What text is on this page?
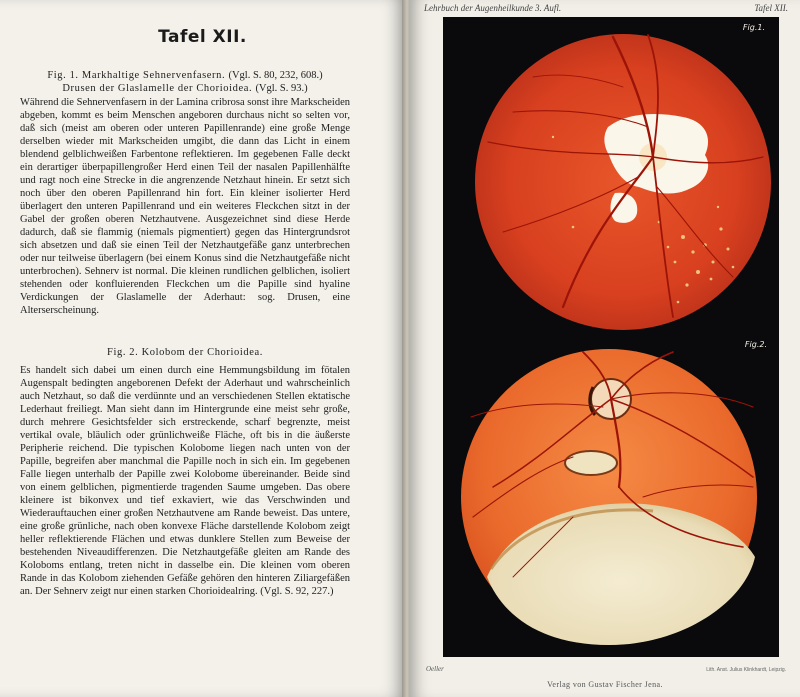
Tafel XII.
Fig. 1. Markhaltige Sehnervenfasern. (Vgl. S. 80, 232, 608.)
Drusen der Glaslamelle der Chorioidea. (Vgl. S. 93.)

Während die Sehnervenfasern in der Lamina cribrosa sonst ihre Markscheiden abgeben, kommt es beim Menschen angeboren durchaus nicht so selten vor, daß sich (meist am oberen oder unteren Papillenrande) eine große Menge derselben wieder mit Markscheiden umgibt, die dann das Licht in einem blendend gelblichweißen Farbentone reflektieren. Im gegebenen Falle deckt ein derartiger überpapillengroßer Herd einen Teil der nasalen Papillenhälfte und ragt noch eine Strecke in die angrenzende Netzhaut hinein. Er setzt sich noch über den oberen Papillenrand hin fort. Ein kleiner isolierter Herd überlagert den unteren Papillenrand und ein weiteres Fleckchen sitzt in der Gabel der großen oberen Netzhautvene. Ausgezeichnet sind diese Herde dadurch, daß sie flammig (niemals pigmentiert) gegen das Hintergrundsrot sich absetzen und daß sie einen Teil der Netzhautgefäße ganz unterbrechen oder nur teilweise überlagern (bei einem Konus sind die Netzhautgefäße nicht unterbrochen). Sehnerv ist normal. Die kleinen rundlichen gelblichen, isoliert stehenden oder konfluierenden Fleckchen um die Papille sind hyaline Verdickungen der Glaslamelle der Aderhaut: sog. Drusen, eine Alterserscheinung.

Fig. 2. Kolobom der Chorioidea.

Es handelt sich dabei um einen durch eine Hemmungsbildung im fötalen Augenspalt bedingten angeborenen Defekt der Aderhaut und wahrscheinlich auch Netzhaut, so daß die verdünnte und an verschiedenen Stellen ektatische Lederhaut freiliegt. Man sieht dann im Hintergrunde eine meist sehr große, durch mehrere Gesichtsfelder sich erstreckende, scharf begrenzte, meist vertikal ovale, bläulich oder grünlichweiße Fläche, oft bis in die äußerste Peripherie reichend. Die typischen Kolobome liegen nach unten von der Papille, begreifen aber manchmal die Papille noch in sich ein. Im gegebenen Falle liegen unterhalb der Papille zwei Kolobome übereinander. Beide sind von einem gelblichen, pigmentierde tragenden Saume umgeben. Das obere kleinere ist bikonvex und tief exkaviert, wie das Verschwinden und Wiederauftauchen einer großen Netzhautvene am Rande beweist. Das untere, eine große grünliche, nach oben konvexe Fläche darstellende Kolobom zeigt heller reflektierende Flächen und etwas dunklere Stellen zum Beweise der bestehenden Niveaudifferenzen. Die Netzhautgefäße gleiten am Rande des Koloboms entlang, treten nicht in dasselbe ein. Die kleinen vom oberen Rande in das Kolobom ziehenden Gefäße gehören den hinteren Ziliargefäßen an. Der Sehnerv zeigt nur einen starken Chorioidealring. (Vgl. S. 92, 227.)

Lehrbuch der Augenheilkunde 3. Aufl.	Tafel XII.
Fig.1.
Fig.2.
Oeller	Lith. Anst. Julius Klinkhardt, Leipzig.
Verlag von Gustav Fischer Jena.
